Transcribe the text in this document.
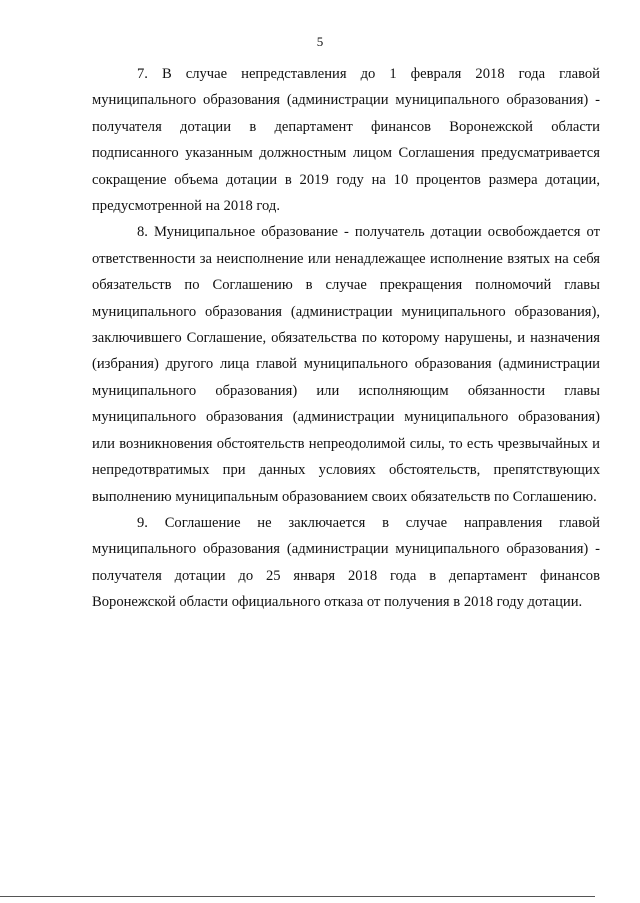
5

7. В случае непредставления до 1 февраля 2018 года главой муниципального образования (администрации муниципального образования) - получателя дотации в департамент финансов Воронежской области подписанного указанным должностным лицом Соглашения предусматривается сокращение объема дотации в 2019 году на 10 процентов размера дотации, предусмотренной на 2018 год.

8. Муниципальное образование - получатель дотации освобождается от ответственности за неисполнение или ненадлежащее исполнение взятых на себя обязательств по Соглашению в случае прекращения полномочий главы муниципального образования (администрации муниципального образования), заключившего Соглашение, обязательства по которому нарушены, и назначения (избрания) другого лица главой муниципального образования (администрации муниципального образования) или исполняющим обязанности главы муниципального образования (администрации муниципального образования) или возникновения обстоятельств непреодолимой силы, то есть чрезвычайных и непредотвратимых при данных условиях обстоятельств, препятствующих выполнению муниципальным образованием своих обязательств по Соглашению.

9. Соглашение не заключается в случае направления главой муниципального образования (администрации муниципального образования) - получателя дотации до 25 января 2018 года в департамент финансов Воронежской области официального отказа от получения в 2018 году дотации.
